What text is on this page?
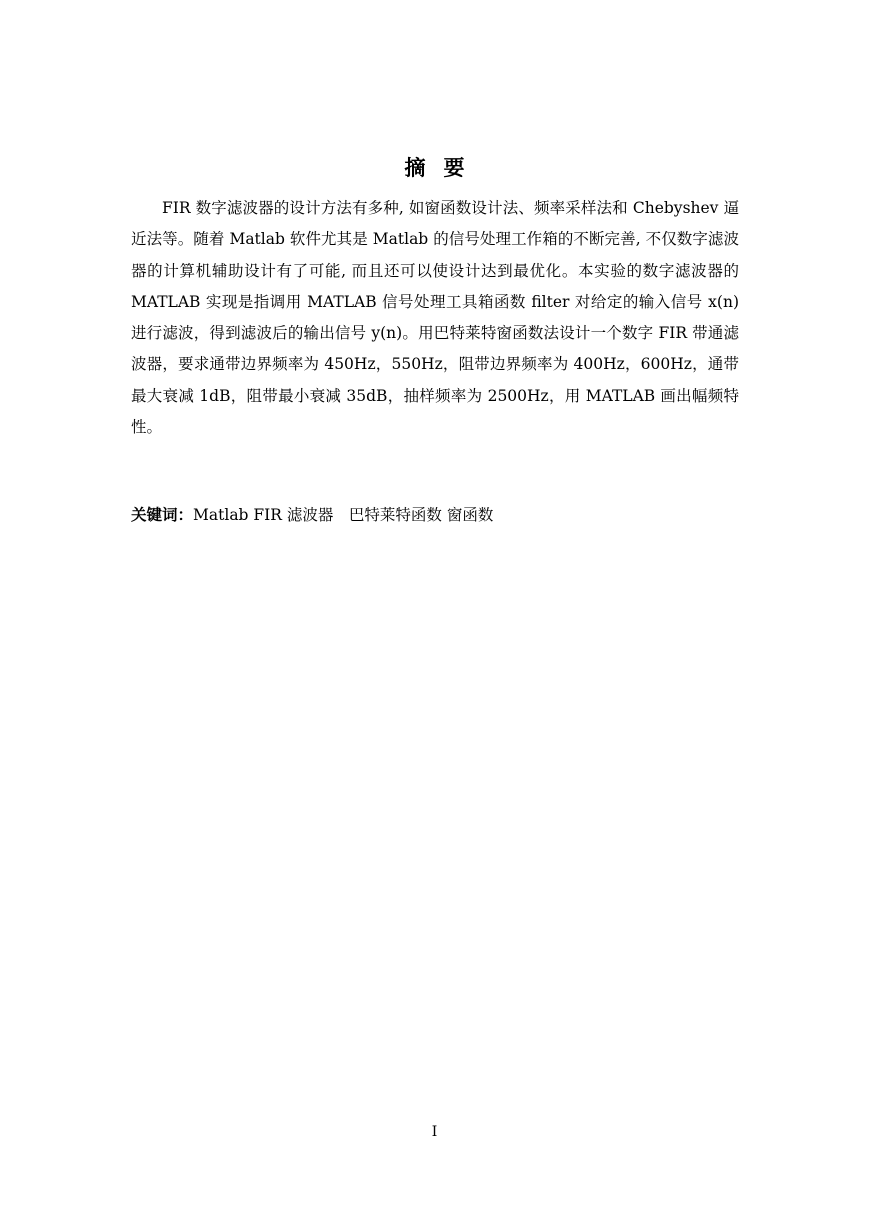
摘要

FIR 数字滤波器的设计方法有多种, 如窗函数设计法、频率采样法和 Chebyshev 逼近法等。随着 Matlab 软件尤其是 Matlab 的信号处理工作箱的不断完善, 不仅数字滤波器的计算机辅助设计有了可能, 而且还可以使设计达到最优化。本实验的数字滤波器的 MATLAB 实现是指调用 MATLAB 信号处理工具箱函数 filter 对给定的输入信号 x(n)进行滤波，得到滤波后的输出信号 y(n)。用巴特莱特窗函数法设计一个数字 FIR 带通滤波器，要求通带边界频率为 450Hz，550Hz，阻带边界频率为 400Hz，600Hz，通带最大衰减 1dB，阻带最小衰减 35dB，抽样频率为 2500Hz，用 MATLAB 画出幅频特性。

关键词：Matlab FIR 滤波器 巴特莱特函数 窗函数

I
